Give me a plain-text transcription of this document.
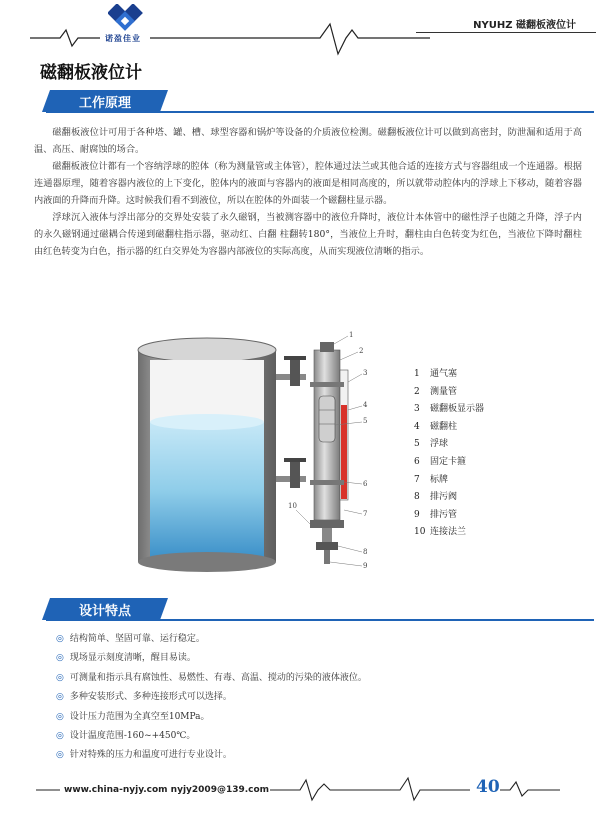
诺盈佳业
NYUHZ 磁翻板液位计
磁翻板液位计
工作原理

磁翻板液位计可用于各种塔、罐、槽、球型容器和锅炉等设备的介质液位检测。磁翻板液位计可以做到高密封，防泄漏和适用于高温、高压、耐腐蚀的场合。

磁翻板液位计都有一个容纳浮球的腔体（称为测量管或主体管），腔体通过法兰或其他合适的连接方式与容器组成一个连通器。根据连通器原理，随着容器内液位的上下变化，腔体内的液面与容器内的液面是相同高度的，所以就带动腔体内的浮球上下移动，随着容器内液面的升降而升降。这时候我们看不到液位，所以在腔体的外面装一个磁翻柱显示器。

浮球沉入液体与浮出部分的交界处安装了永久磁钢，当被测容器中的液位升降时，液位计本体管中的磁性浮子也随之升降，浮子内的永久磁钢通过磁耦合传递到磁翻柱指示器，驱动红、白翻 柱翻转180°，当液位上升时，翻柱由白色转变为红色，当液位下降时翻柱由红色转变为白色，指示器的红白交界处为容器内部液位的实际高度，从而实现液位清晰的指示。

1
2
3
4
5
6
7
8
9
10
1 通气塞
2 测量管
3 磁翻板显示器
4 磁翻柱
5 浮球
6 固定卡箍
7 标牌
8 排污阀
9 排污管
10 连接法兰
设计特点
◎ 结构简单、坚固可靠、运行稳定。
◎ 现场显示刻度清晰，醒目易读。
◎ 可测量和指示具有腐蚀性、易燃性、有毒、高温、搅动的污染的液体液位。
◎ 多种安装形式、多种连接形式可以选择。
◎ 设计压力范围为全真空至10MPa。
◎ 设计温度范围-160~+450℃。
◎ 针对特殊的压力和温度可进行专业设计。
www.china-nyjy.com nyjy2009@139.com	40
